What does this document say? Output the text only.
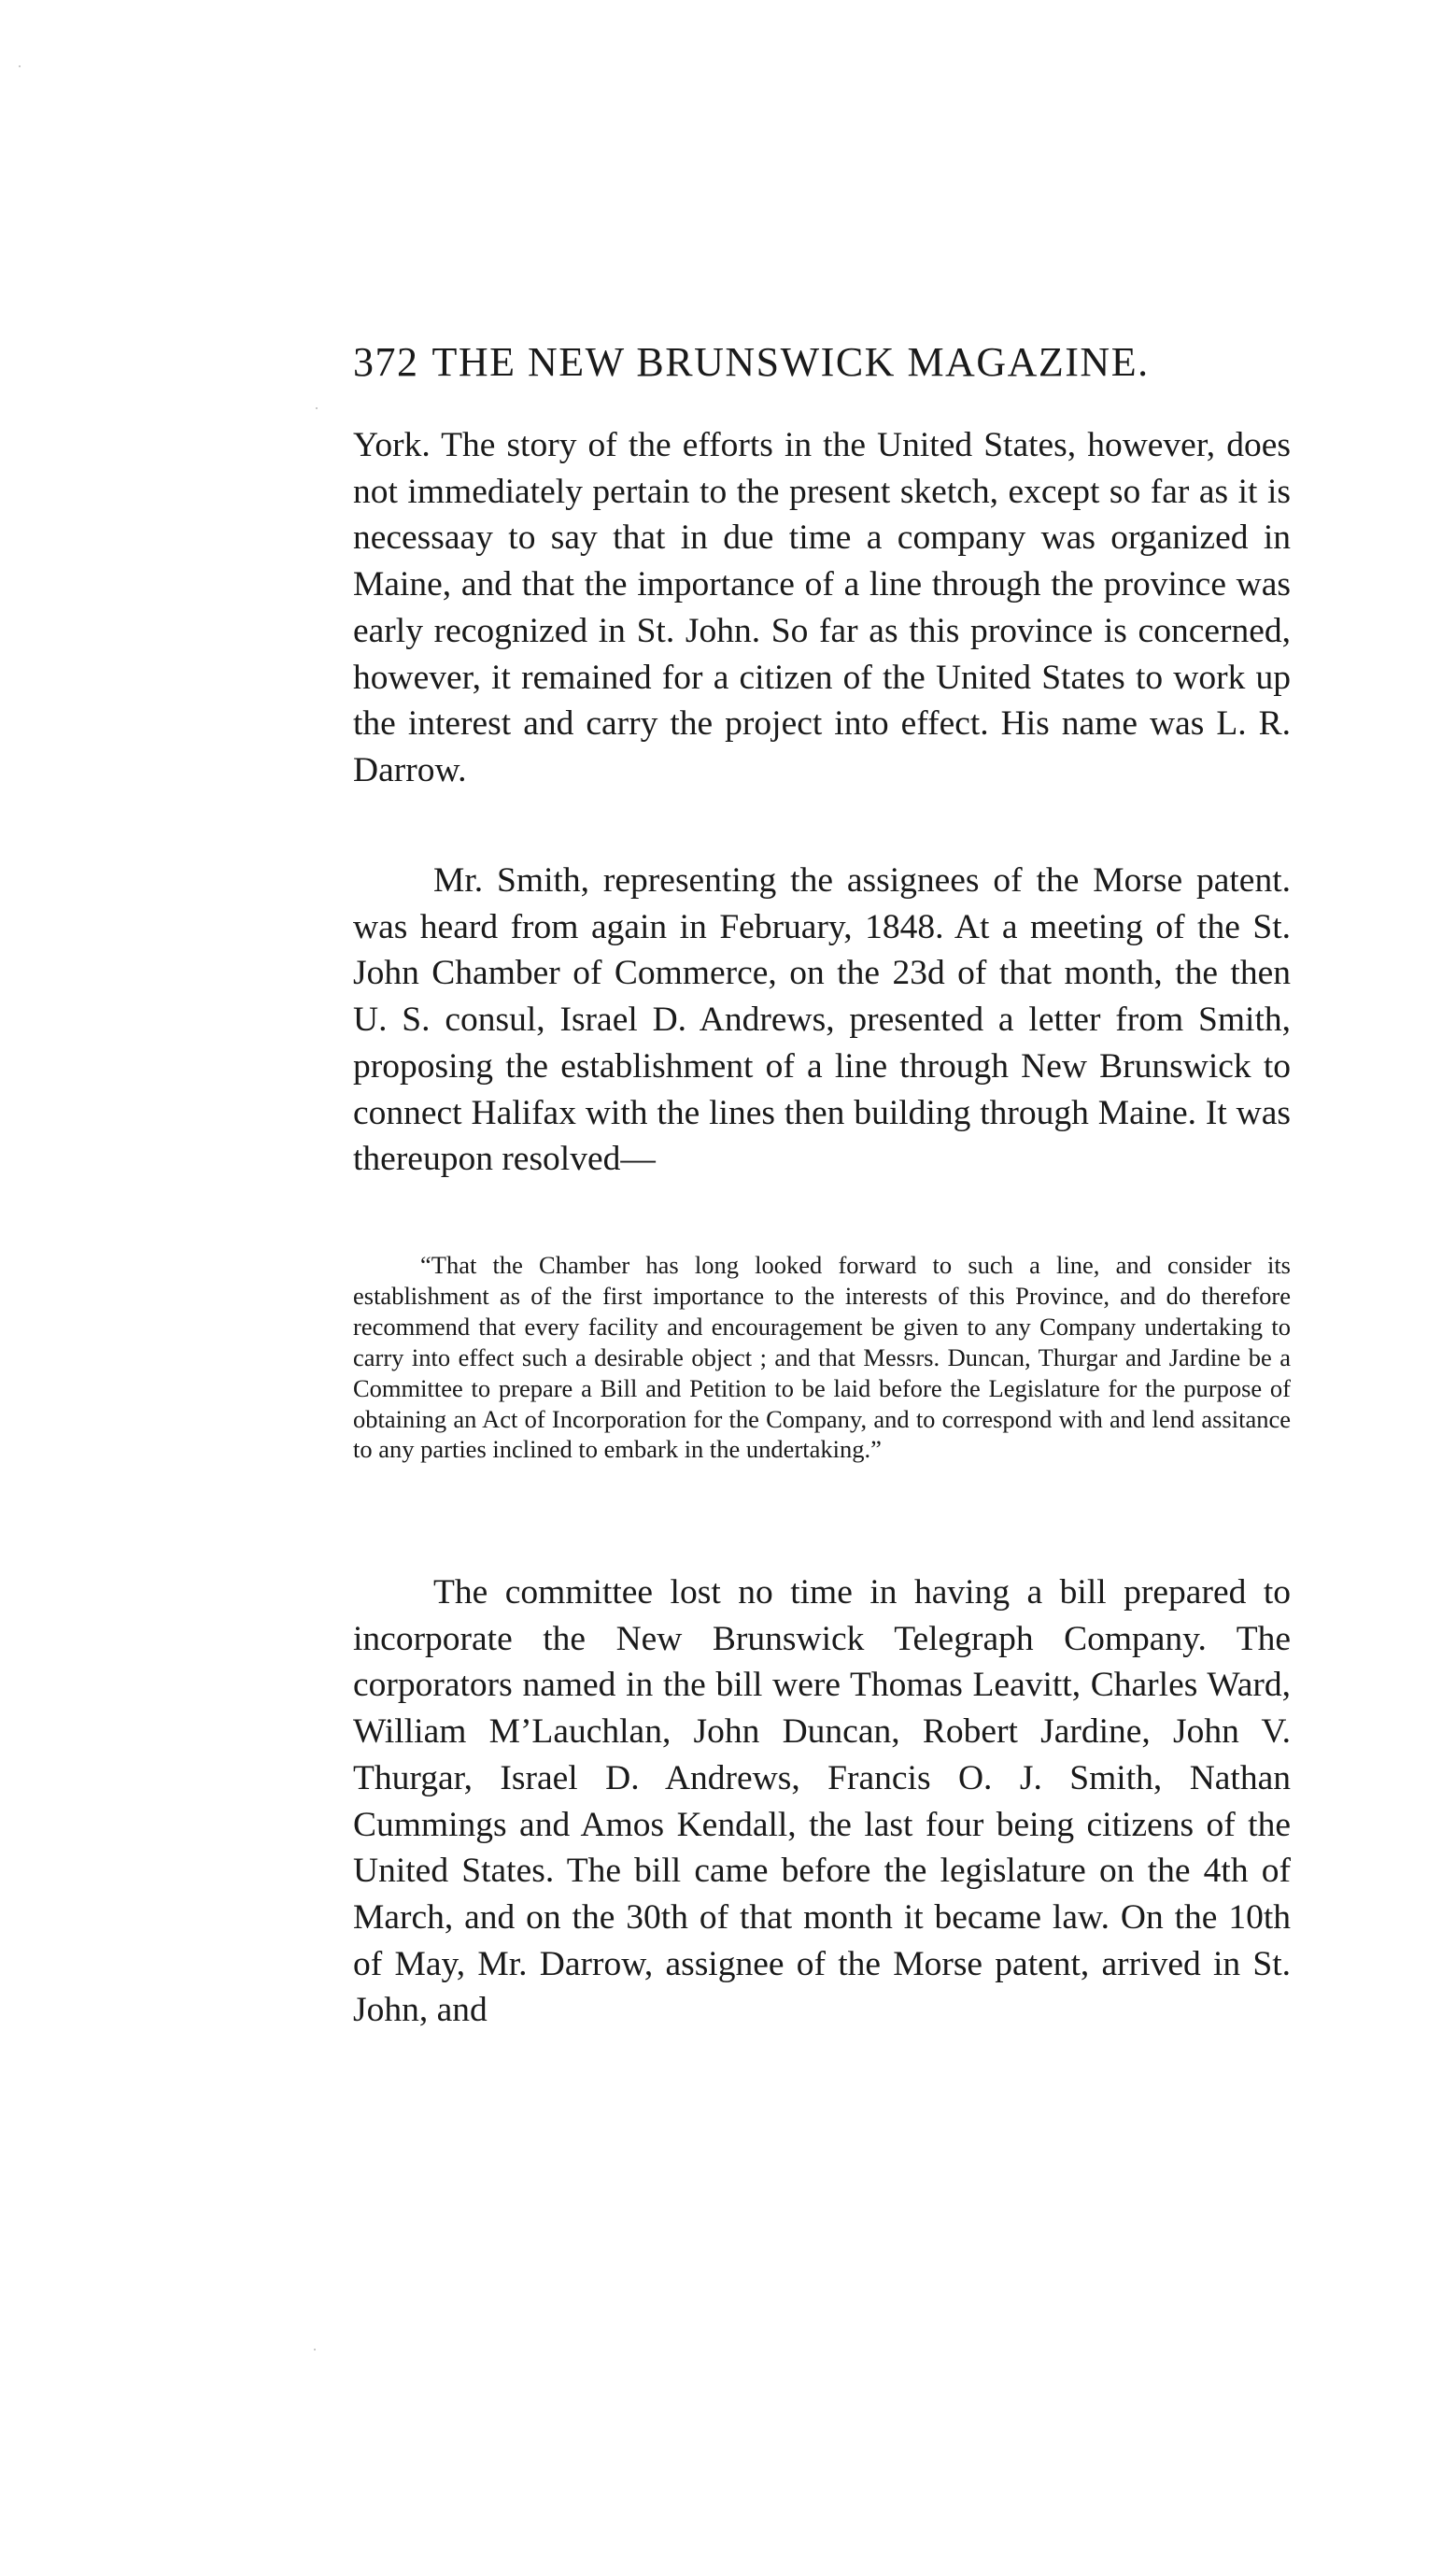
372 THE NEW BRUNSWICK MAGAZINE.

York. The story of the efforts in the United States, however, does not immediately pertain to the present sketch, except so far as it is necessaay to say that in due time a company was organized in Maine, and that the importance of a line through the province was early recognized in St. John. So far as this province is concerned, however, it remained for a citizen of the United States to work up the interest and carry the project into effect. His name was L. R. Darrow.

Mr. Smith, representing the assignees of the Morse patent. was heard from again in February, 1848. At a meeting of the St. John Chamber of Commerce, on the 23d of that month, the then U. S. consul, Israel D. Andrews, presented a letter from Smith, proposing the establishment of a line through New Brunswick to connect Halifax with the lines then building through Maine. It was thereupon resolved—

“That the Chamber has long looked forward to such a line, and consider its establishment as of the first importance to the interests of this Province, and do therefore recommend that every facility and encouragement be given to any Company undertaking to carry into effect such a desirable object ; and that Messrs. Duncan, Thurgar and Jardine be a Committee to prepare a Bill and Petition to be laid before the Legislature for the purpose of obtaining an Act of Incorporation for the Company, and to correspond with and lend assitance to any parties inclined to embark in the undertaking.”

The committee lost no time in having a bill prepared to incorporate the New Brunswick Telegraph Company. The corporators named in the bill were Thomas Leavitt, Charles Ward, William M’Lauchlan, John Duncan, Robert Jardine, John V. Thurgar, Israel D. Andrews, Francis O. J. Smith, Nathan Cummings and Amos Kendall, the last four being citizens of the United States. The bill came before the legislature on the 4th of March, and on the 30th of that month it became law. On the 10th of May, Mr. Darrow, assignee of the Morse patent, arrived in St. John, and
